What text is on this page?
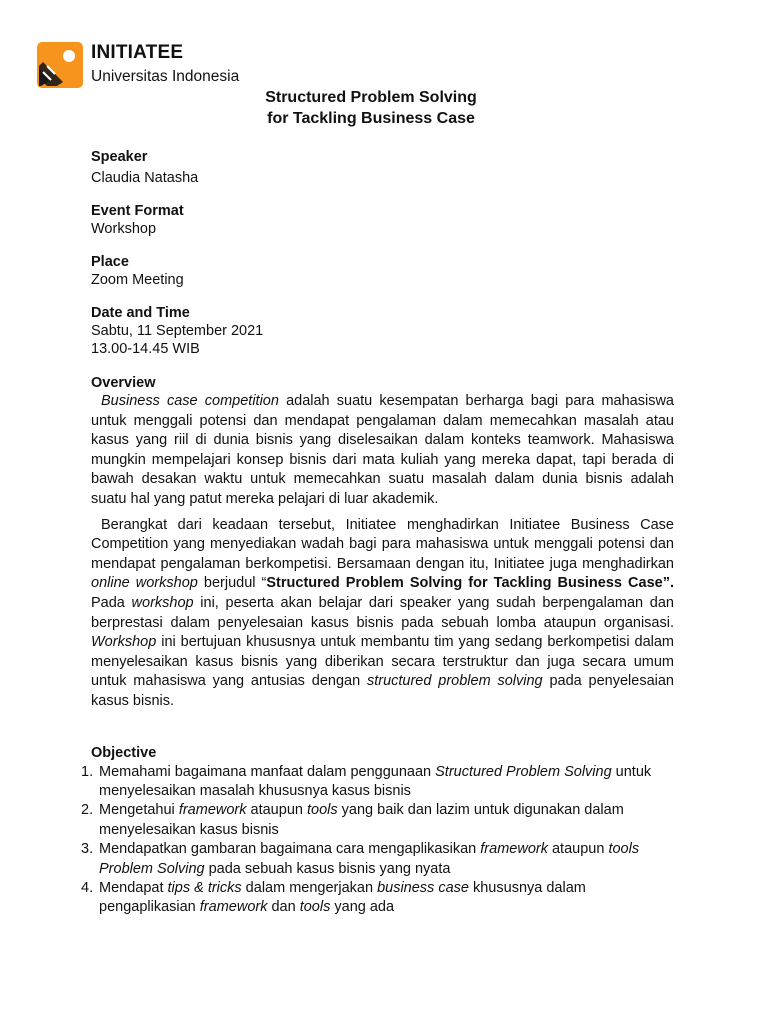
INITIATEE
Universitas Indonesia
Structured Problem Solving
for Tackling Business Case
Speaker
Claudia Natasha
Event Format
Workshop
Place
Zoom Meeting
Date and Time
Sabtu, 11 September 2021
13.00-14.45 WIB
Overview

Business case competition adalah suatu kesempatan berharga bagi para mahasiswa untuk menggali potensi dan mendapat pengalaman dalam memecahkan masalah atau kasus yang riil di dunia bisnis yang diselesaikan dalam konteks teamwork. Mahasiswa mungkin mempelajari konsep bisnis dari mata kuliah yang mereka dapat, tapi berada di bawah desakan waktu untuk memecahkan suatu masalah dalam dunia bisnis adalah suatu hal yang patut mereka pelajari di luar akademik.

Berangkat dari keadaan tersebut, Initiatee menghadirkan Initiatee Business Case Competition yang menyediakan wadah bagi para mahasiswa untuk menggali potensi dan mendapat pengalaman berkompetisi. Bersamaan dengan itu, Initiatee juga menghadirkan online workshop berjudul “Structured Problem Solving for Tackling Business Case”. Pada workshop ini, peserta akan belajar dari speaker yang sudah berpengalaman dan berprestasi dalam penyelesaian kasus bisnis pada sebuah lomba ataupun organisasi. Workshop ini bertujuan khususnya untuk membantu tim yang sedang berkompetisi dalam menyelesaikan kasus bisnis yang diberikan secara terstruktur dan juga secara umum untuk mahasiswa yang antusias dengan structured problem solving pada penyelesaian kasus bisnis.

Objective
1. Memahami bagaimana manfaat dalam penggunaan Structured Problem Solving untuk menyelesaikan masalah khususnya kasus bisnis
2. Mengetahui framework ataupun tools yang baik dan lazim untuk digunakan dalam menyelesaikan kasus bisnis
3. Mendapatkan gambaran bagaimana cara mengaplikasikan framework ataupun tools Problem Solving pada sebuah kasus bisnis yang nyata
4. Mendapat tips & tricks dalam mengerjakan business case khususnya dalam pengaplikasian framework dan tools yang ada
